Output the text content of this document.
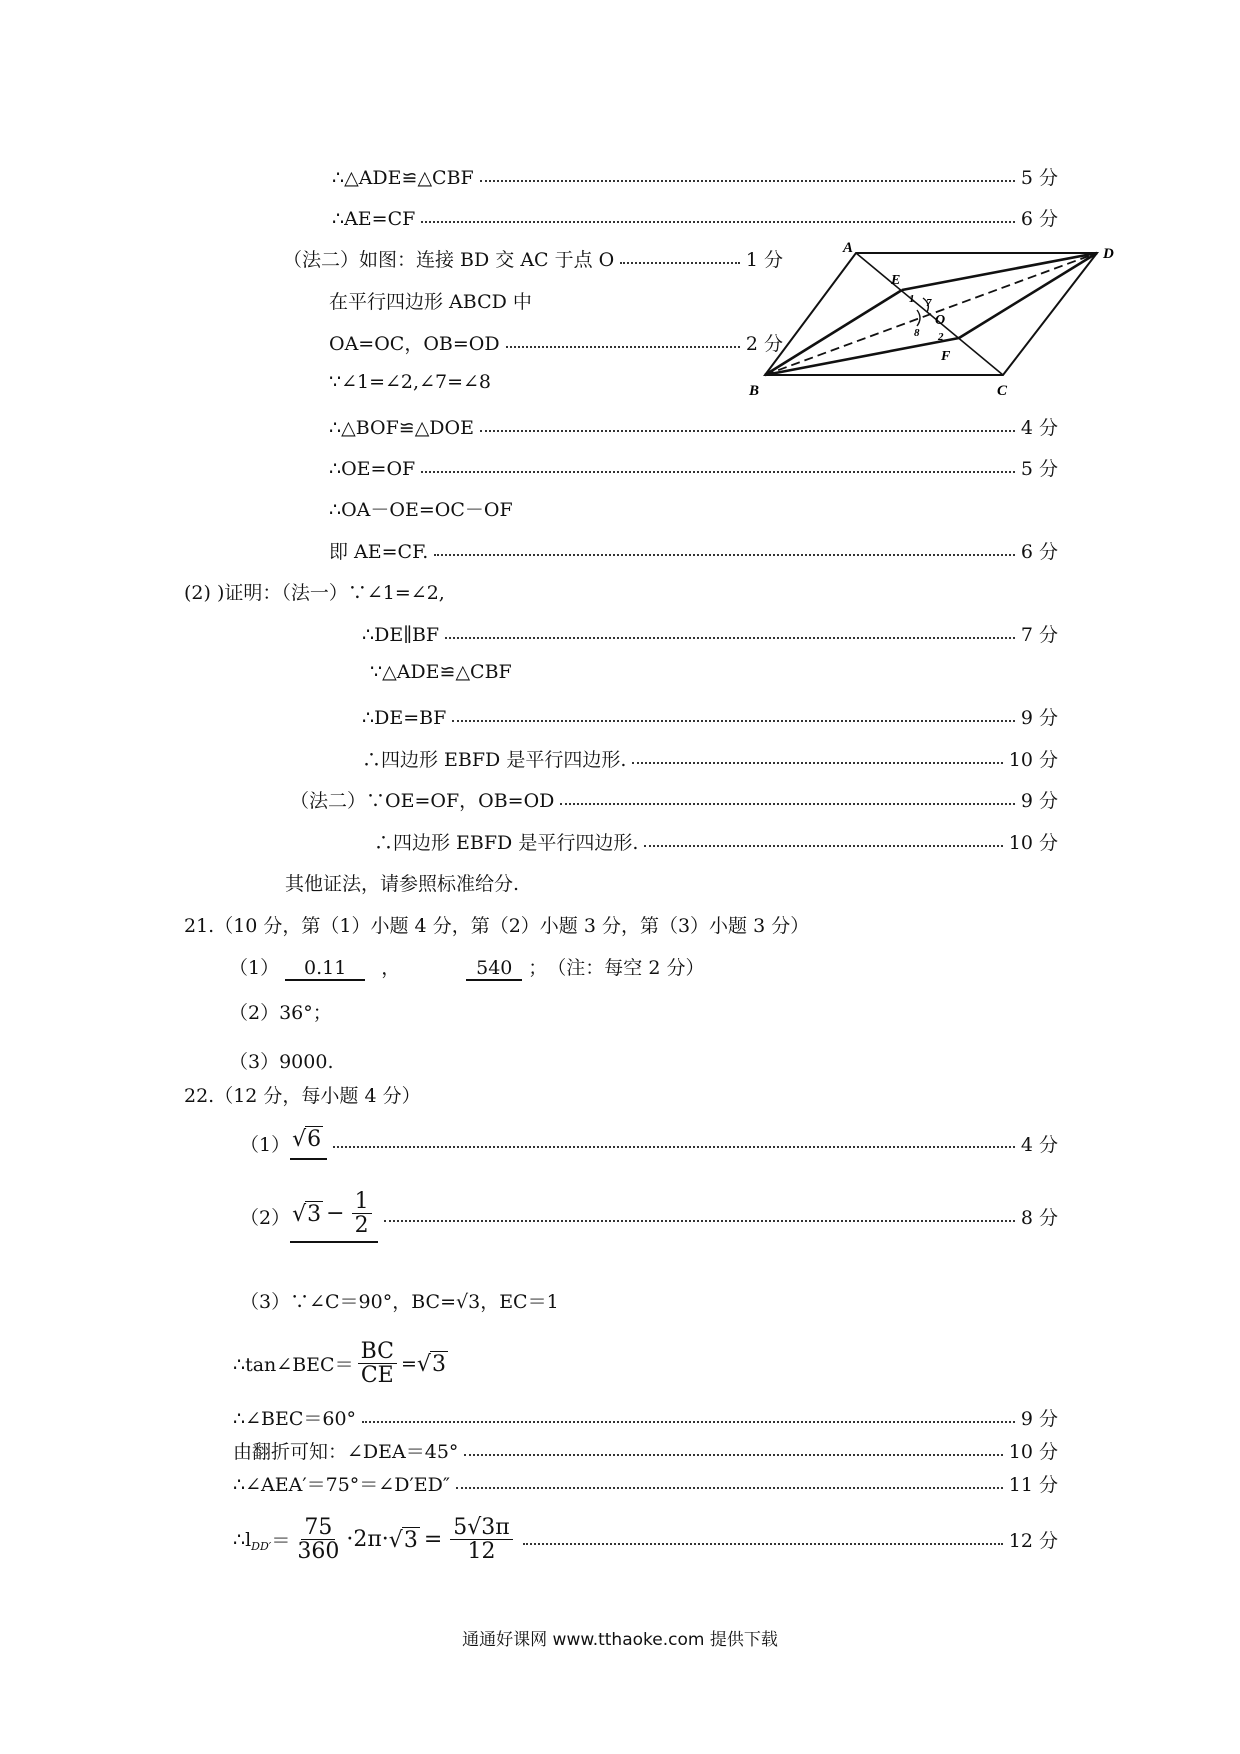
∴△ADE≌△CBF	5 分
∴AE=CF	6 分
（法二）如图：连接 BD 交 AC 于点 O	1 分
在平行四边形 ABCD 中
OA=OC，OB=OD	2 分
∵∠1=∠2,∠7=∠8
∴△BOF≌△DOE	4 分
∴OE=OF	5 分
∴OA－OE=OC－OF
即 AE=CF.	6 分
(2) )证明：（法一）∵∠1=∠2,
∴DE∥BF	7 分
∵△ADE≌△CBF
∴DE=BF	9 分
∴四边形 EBFD 是平行四边形.	10 分
（法二）∵OE=OF，OB=OD	9 分
∴四边形 EBFD 是平行四边形.	10 分
其他证法，请参照标准给分.
21.（10 分，第（1）小题 4 分，第（2）小题 3 分，第（3）小题 3 分）
（1） 0.11 ，	540 ；　（注：每空 2 分）
（2）36°；
（3）9000.
22.（12 分，每小题 4 分）
（1） √ 6	4 分
（2） √ $3 - \frac{1}{2}$	8 分
（3）∵∠C＝90°，BC=√3，EC＝1
∴tan∠BEC＝ $\frac{BC}{CE}$ = √ 3
∴∠BEC＝60°	9 分
由翻折可知：∠DEA＝45°	10 分
∴∠AEA′＝75°＝∠D′ED″	11 分
∴l $DD' = \frac{75}{360} \cdot 2\pi\cdot$ √ $3 = \frac{5√3\pi}{12}$	12 分
A	D
B	C
E
F
O
1 7
8 2
通通好课网 www.tthaoke.com 提供下载
